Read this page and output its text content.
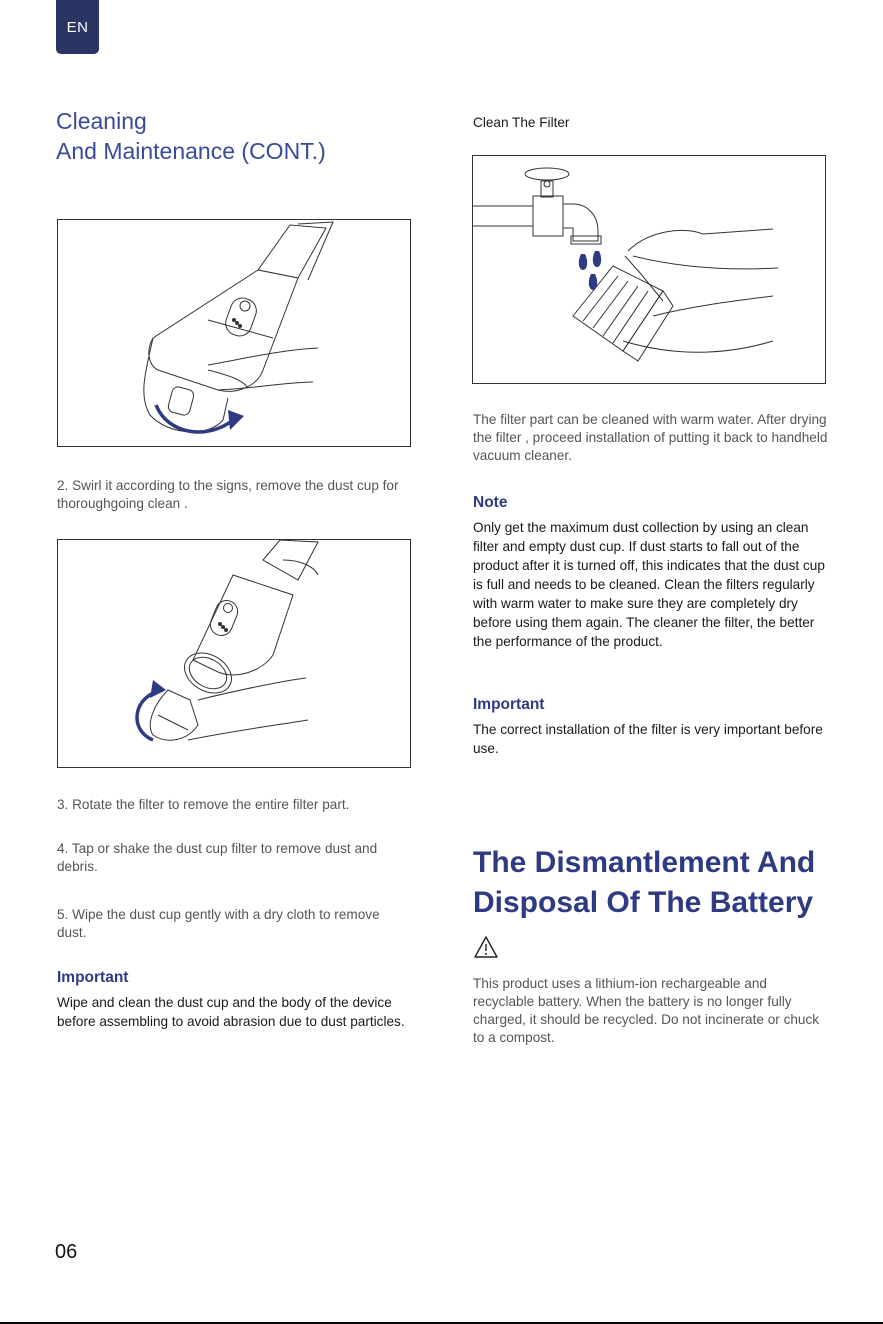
EN
Cleaning
And Maintenance (CONT.)
2. Swirl it according to the signs, remove the dust cup for thoroughgoing clean .
3. Rotate the filter to remove the entire filter part.
4. Tap or shake the dust cup filter to remove dust and debris.
5. Wipe the dust cup gently with a dry cloth to remove dust.
Important
Wipe and clean the dust cup and the body of the device before assembling to avoid abrasion due to dust particles.
Clean The Filter
The filter part can be cleaned with warm water. After drying the filter , proceed installation of putting it back to handheld vacuum cleaner.
Note
Only get the maximum dust collection by using an clean filter and empty dust cup. If dust starts to fall out of the product after it is turned off, this indicates that the dust cup is full and needs to be cleaned. Clean the filters regularly with warm water to make sure they are completely dry before using them again. The cleaner the filter, the better the performance of the product.
Important
The correct installation of the filter is very important before use.
The Dismantlement And
Disposal Of The Battery
This product uses a lithium-ion rechargeable and recyclable battery. When the battery is no longer fully charged, it should be recycled. Do not incinerate or chuck to a compost.
06
